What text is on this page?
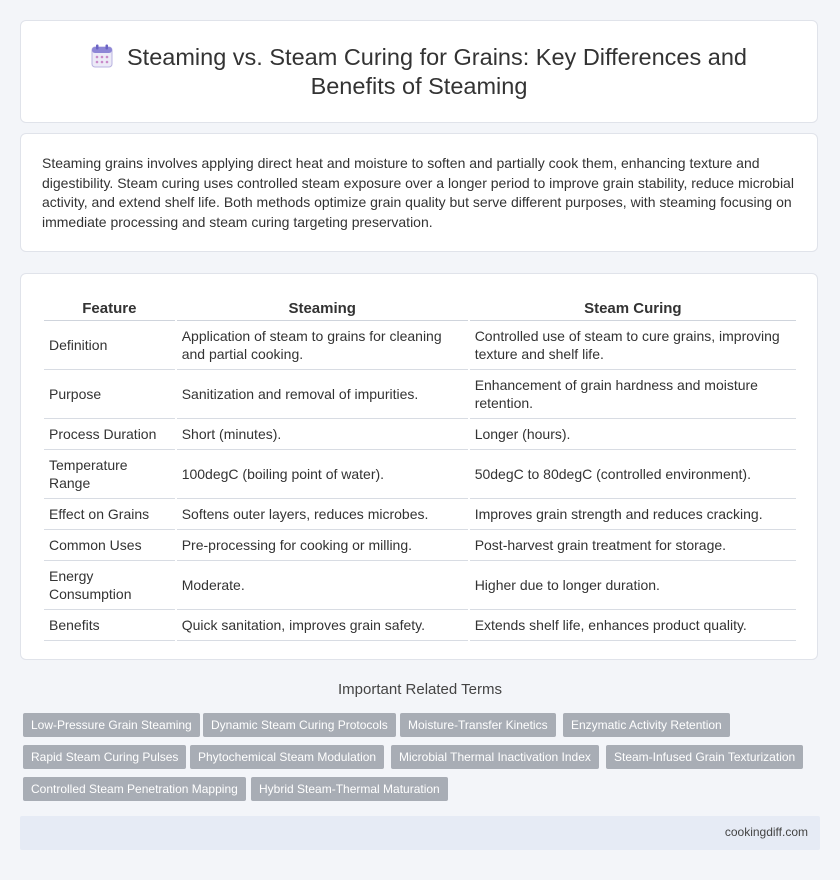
Steaming vs. Steam Curing for Grains: Key Differences and
Benefits of Steaming
Steaming grains involves applying direct heat and moisture to soften and partially cook them, enhancing texture and digestibility. Steam curing uses controlled steam exposure over a longer period to improve grain stability, reduce microbial activity, and extend shelf life. Both methods optimize grain quality but serve different purposes, with steaming focusing on immediate processing and steam curing targeting preservation.
Feature	Steaming	Steam Curing
Definition	Application of steam to grains for cleaning and partial cooking.	Controlled use of steam to cure grains, improving texture and shelf life.
Purpose	Sanitization and removal of impurities.	Enhancement of grain hardness and moisture retention.
Process Duration	Short (minutes).	Longer (hours).
Temperature Range	100degC (boiling point of water).	50degC to 80degC (controlled environment).
Effect on Grains	Softens outer layers, reduces microbes.	Improves grain strength and reduces cracking.
Common Uses	Pre-processing for cooking or milling.	Post-harvest grain treatment for storage.
Energy Consumption	Moderate.	Higher due to longer duration.
Benefits	Quick sanitation, improves grain safety.	Extends shelf life, enhances product quality.
Important Related Terms
Low-Pressure Grain Steaming	Dynamic Steam Curing Protocols	Moisture-Transfer Kinetics	Enzymatic Activity Retention
Rapid Steam Curing Pulses	Phytochemical Steam Modulation	Microbial Thermal Inactivation Index	Steam-Infused Grain Texturization
Controlled Steam Penetration Mapping	Hybrid Steam-Thermal Maturation
cookingdiff.com
